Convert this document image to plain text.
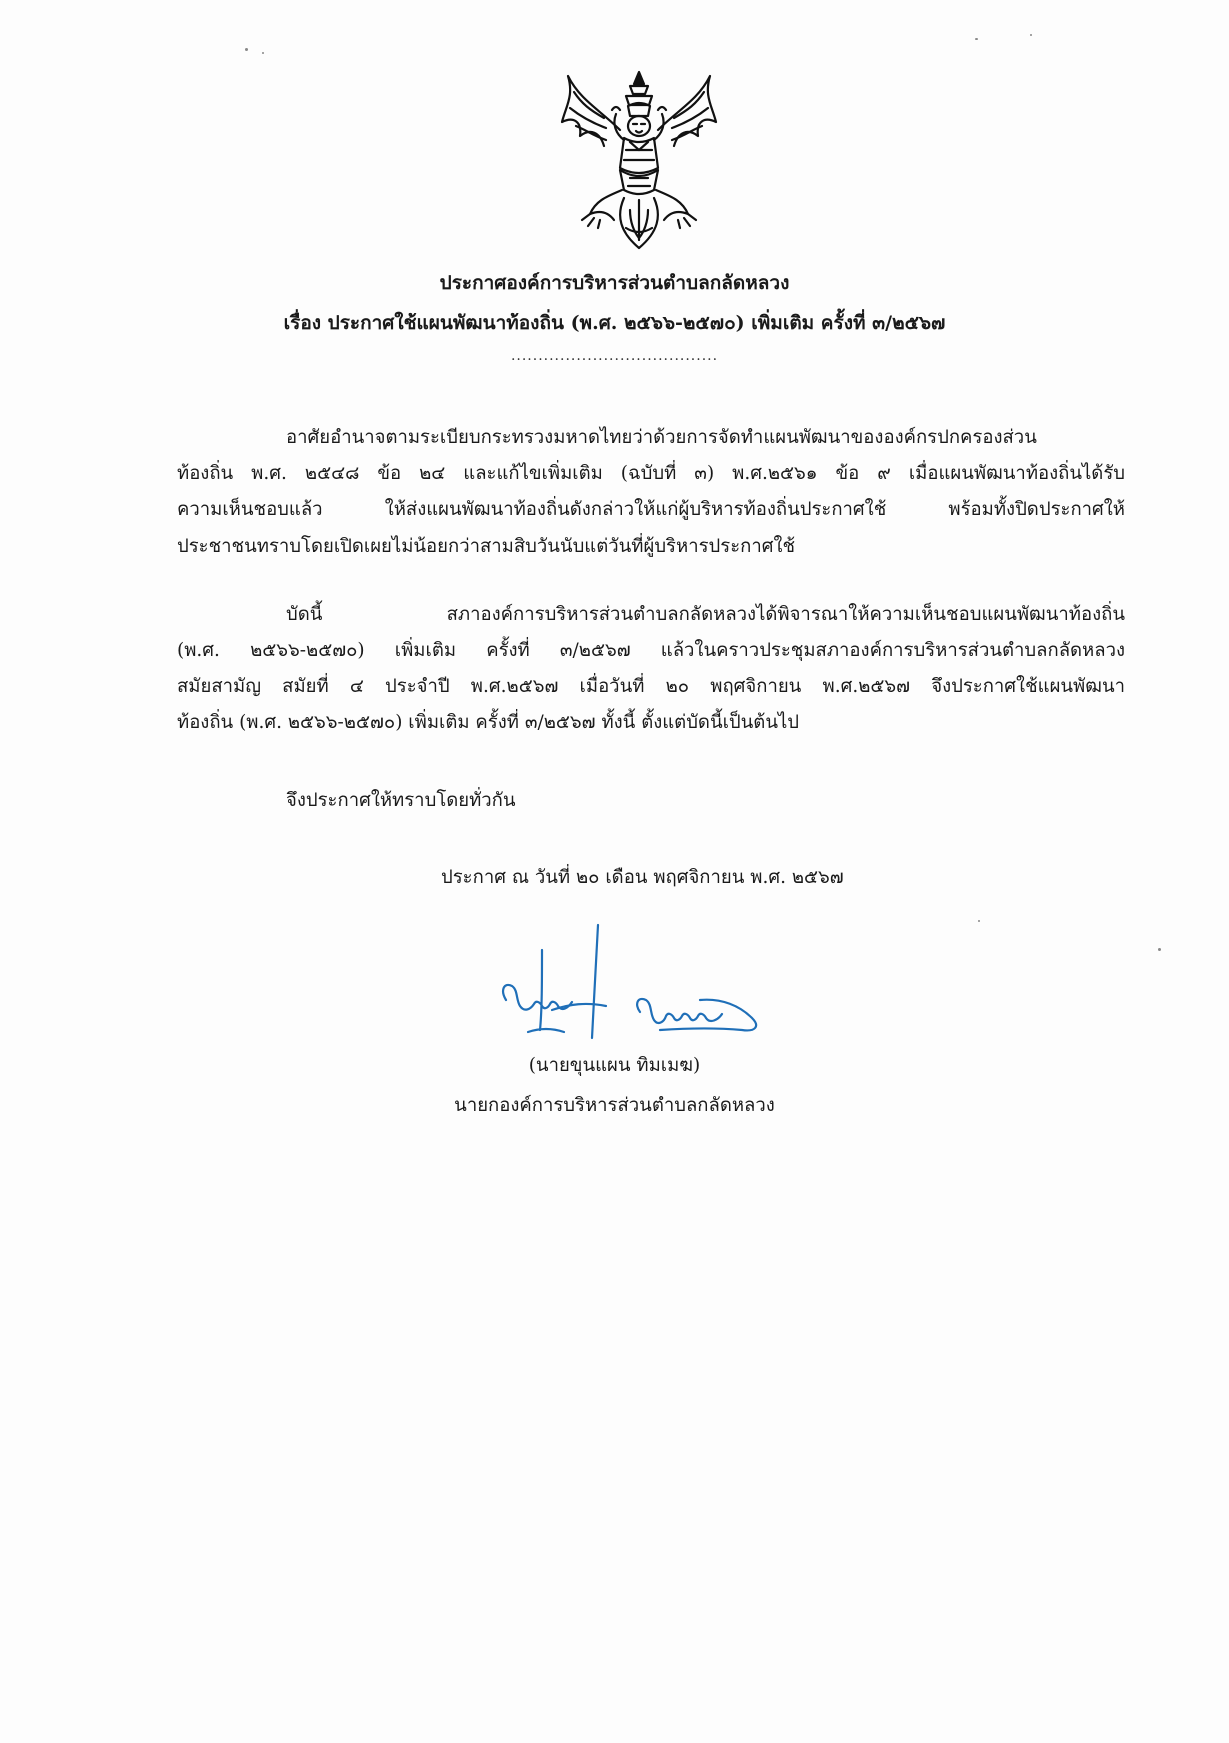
ประกาศองค์การบริหารส่วนตำบลกลัดหลวง
เรื่อง ประกาศใช้แผนพัฒนาท้องถิ่น (พ.ศ. ๒๕๖๖-๒๕๗๐) เพิ่มเติม ครั้งที่ ๓/๒๕๖๗
......................................
อาศัยอำนาจตามระเบียบกระทรวงมหาดไทยว่าด้วยการจัดทำแผนพัฒนาขององค์กรปกครองส่วน
ท้องถิ่น พ.ศ. ๒๕๔๘ ข้อ ๒๔ และแก้ไขเพิ่มเติม (ฉบับที่ ๓) พ.ศ.๒๕๖๑ ข้อ ๙ เมื่อแผนพัฒนาท้องถิ่นได้รับ
ความเห็นชอบแล้ว ให้ส่งแผนพัฒนาท้องถิ่นดังกล่าวให้แก่ผู้บริหารท้องถิ่นประกาศใช้ พร้อมทั้งปิดประกาศให้
ประชาชนทราบโดยเปิดเผยไม่น้อยกว่าสามสิบวันนับแต่วันที่ผู้บริหารประกาศใช้
บัดนี้ สภาองค์การบริหารส่วนตำบลกลัดหลวงได้พิจารณาให้ความเห็นชอบแผนพัฒนาท้องถิ่น
(พ.ศ. ๒๕๖๖-๒๕๗๐) เพิ่มเติม ครั้งที่ ๓/๒๕๖๗ แล้วในคราวประชุมสภาองค์การบริหารส่วนตำบลกลัดหลวง
สมัยสามัญ สมัยที่ ๔ ประจำปี พ.ศ.๒๕๖๗ เมื่อวันที่ ๒๐ พฤศจิกายน พ.ศ.๒๕๖๗ จึงประกาศใช้แผนพัฒนา
ท้องถิ่น (พ.ศ. ๒๕๖๖-๒๕๗๐) เพิ่มเติม ครั้งที่ ๓/๒๕๖๗ ทั้งนี้ ตั้งแต่บัดนี้เป็นต้นไป
จึงประกาศให้ทราบโดยทั่วกัน
ประกาศ ณ วันที่ ๒๐ เดือน พฤศจิกายน พ.ศ. ๒๕๖๗
(นายขุนแผน ทิมเมฆ)
นายกองค์การบริหารส่วนตำบลกลัดหลวง
